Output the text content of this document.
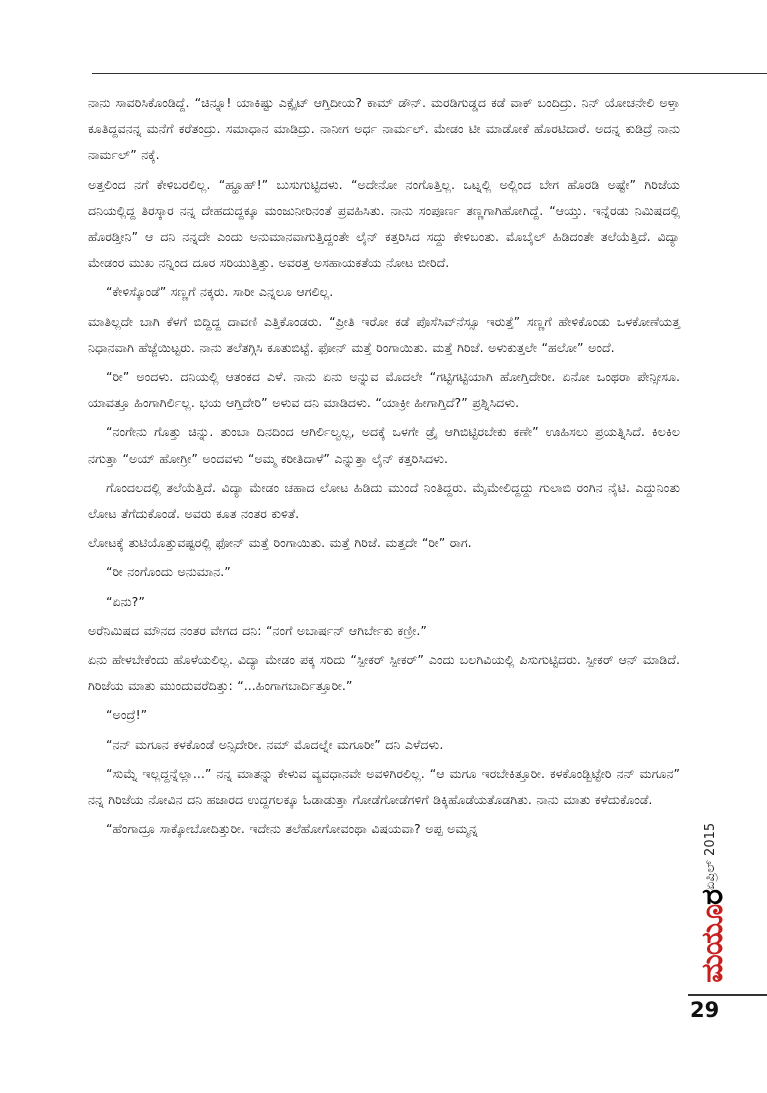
ನಾನು ಸಾವರಿಸಿಕೊಂಡಿದ್ದೆ. “ಚಿನ್ನೂ! ಯಾಕಿಷ್ಟು ಎಕ್ಸೈಟ್ ಆಗ್ತಿದೀಯ? ಕಾಮ್ ಡೌನ್. ಮರಡಿಗುಡ್ಡದ ಕಡೆ ವಾಕ್ ಬಂದಿದ್ರು. ನಿನ್ ಯೋಚನೇಲಿ ಅಳ್ತಾ ಕೂತಿದ್ದವನನ್ನ ಮನೆಗೆ ಕರೆತಂದ್ರು. ಸಮಾಧಾನ ಮಾಡಿದ್ರು. ನಾನೀಗ ಅರ್ಧ ನಾರ್ಮಲ್. ಮೇಡಂ ಟೀ ಮಾಡೋಕೆ ಹೊರಟಿದಾರೆ. ಅದನ್ನ ಕುಡಿದ್ರೆ ನಾನು ನಾರ್ಮಲ್” ನಕ್ಕೆ.

ಅತ್ತಲಿಂದ ನಗೆ ಕೇಳಿಬರಲಿಲ್ಲ. “ಹ್ಹೂಹ್!” ಬುಸುಗುಟ್ಟಿದಳು. “ಅದೇನೋ ನಂಗೊತ್ತಿಲ್ಲ. ಒಟ್ನಲ್ಲಿ ಅಲ್ಲಿಂದ ಬೇಗ ಹೊರಡಿ ಅಷ್ಟೇ” ಗಿರಿಜೆಯ ದನಿಯಲ್ಲಿದ್ದ ತಿರಸ್ಕಾರ ನನ್ನ ದೇಹದುದ್ದಕ್ಕೂ ಮಂಜುನೀರಿನಂತೆ ಪ್ರವಹಿಸಿತು. ನಾನು ಸಂಪೂರ್ಣ ತಣ್ಣಗಾಗಿಹೋಗಿದ್ದೆ. “ಆಯ್ತು. ಇನ್ನೆರಡು ನಿಮಿಷದಲ್ಲಿ ಹೊರಡ್ತೀನಿ” ಆ ದನಿ ನನ್ನದೇ ಎಂದು ಅನುಮಾನವಾಗುತ್ತಿದ್ದಂತೇ ಲೈನ್ ಕತ್ತರಿಸಿದ ಸದ್ದು ಕೇಳಿಬಂತು. ಮೊಬೈಲ್ ಹಿಡಿದಂತೇ ತಲೆಯೆತ್ತಿದೆ. ವಿದ್ಯಾ ಮೇಡಂರ ಮುಖ ನನ್ನಿಂದ ದೂರ ಸರಿಯುತ್ತಿತ್ತು. ಅವರತ್ತ ಅಸಹಾಯಕತೆಯ ನೋಟ ಬೀರಿದೆ.

“ಕೇಳಿಸ್ಕೊಂಡೆ” ಸಣ್ಣಗೆ ನಕ್ಕರು. ಸಾರೀ ಎನ್ನಲೂ ಆಗಲಿಲ್ಲ.

ಮಾತಿಲ್ಲದೇ ಬಾಗಿ ಕೆಳಗೆ ಬಿದ್ದಿದ್ದ ದಾವಣಿ ಎತ್ತಿಕೊಂಡರು. “ಪ್ರೀತಿ ಇರೋ ಕಡೆ ಪೊಸೆಸಿವ್‌ನೆಸ್ಸೂ ಇರುತ್ತೆ” ಸಣ್ಣಗೆ ಹೇಳಿಕೊಂಡು ಒಳಕೋಣೆಯತ್ತ ನಿಧಾನವಾಗಿ ಹೆಜ್ಜೆಯಿಟ್ಟರು. ನಾನು ತಲೆತಗ್ಗಿಸಿ ಕೂತುಬಿಟ್ಟೆ. ಫೋನ್ ಮತ್ತೆ ರಿಂಗಾಯಿತು. ಮತ್ತೆ ಗಿರಿಜೆ. ಅಳುಕುತ್ತಲೇ “ಹಲೋ” ಅಂದೆ.

“ರೀ” ಅಂದಳು. ದನಿಯಲ್ಲಿ ಆತಂಕದ ಎಳೆ. ನಾನು ಏನು ಅನ್ನುವ ಮೊದಲೇ “ಗಟ್ಟಿಗಟ್ಟಿಯಾಗಿ ಹೋಗ್ತಿದೇರೀ. ಏನೋ ಒಂಥರಾ ಪೇನ್ಸೀಸೂ. ಯಾವತ್ತೂ ಹಿಂಗಾಗಿರ್ಲಿಲ್ಲ. ಭಯ ಆಗ್ತಿದೇರಿ” ಅಳುವ ದನಿ ಮಾಡಿದಳು. “ಯಾಕ್ರೀ ಹೀಗಾಗ್ತಿದೆ?” ಪ್ರಶ್ನಿಸಿದಳು.

“ನಂಗೇನು ಗೊತ್ತು ಚಿನ್ನು. ತುಂಬಾ ದಿನದಿಂದ ಆಗಿರ್ಲಿಲ್ವಲ್ಲ, ಅದಕ್ಕೆ ಒಳಗೇ ಡ್ರೈ ಆಗಿಬಿಟ್ಟಿರಬೇಕು ಕಣೇ” ಊಹಿಸಲು ಪ್ರಯತ್ನಿಸಿದೆ. ಕಿಲಕಿಲ ನಗುತ್ತಾ “ಅಯ್ ಹೋಗ್ರೀ” ಅಂದವಳು “ಅಮ್ಮ ಕರೀತಿದಾಳೆ” ಎನ್ನುತ್ತಾ ಲೈನ್ ಕತ್ತರಿಸಿದಳು.

ಗೊಂದಲದಲ್ಲಿ ತಲೆಯೆತ್ತಿದೆ. ವಿದ್ಯಾ ಮೇಡಂ ಚಹಾದ ಲೋಟ ಹಿಡಿದು ಮುಂದೆ ನಿಂತಿದ್ದರು. ಮೈಮೇಲಿದ್ದದ್ದು ಗುಲಾಬಿ ರಂಗಿನ ನೈಟಿ. ಎದ್ದುನಿಂತು ಲೋಟ ತೆಗೆದುಕೊಂಡೆ. ಅವರು ಕೂತ ನಂತರ ಕುಳಿತೆ.

ಲೋಟಕ್ಕೆ ತುಟಿಯೊತ್ತುವಷ್ಟರಲ್ಲಿ ಫೋನ್ ಮತ್ತೆ ರಿಂಗಾಯಿತು. ಮತ್ತೆ ಗಿರಿಜೆ. ಮತ್ತದೇ “ರೀ” ರಾಗ.

“ರೀ ನಂಗೊಂದು ಅನುಮಾನ.”

“ಏನು?”

ಅರೆನಿಮಿಷದ ಮೌನದ ನಂತರ ವೇಗದ ದನಿ: “ನಂಗೆ ಅಬಾರ್ಷನ್ ಆಗಿರ್ಬೇಕು ಕಣ್ರೀ.”

ಏನು ಹೇಳಬೇಕೆಂದು ಹೊಳೆಯಲಿಲ್ಲ. ವಿದ್ಯಾ ಮೇಡಂ ಪಕ್ಕ ಸರಿದು “ಸ್ಪೀಕರ್ ಸ್ಪೀಕರ್” ಎಂದು ಬಲಗಿವಿಯಲ್ಲಿ ಪಿಸುಗುಟ್ಟಿದರು. ಸ್ಪೀಕರ್ ಆನ್ ಮಾಡಿದೆ. ಗಿರಿಜೆಯ ಮಾತು ಮುಂದುವರೆದಿತ್ತು: “...ಹಿಂಗಾಗಬಾರ್ದಿತ್ತೂರೀ.”

“ಅಂದ್ರೆ!”

“ನನ್ ಮಗೂನ ಕಳಕೊಂಡೆ ಅನ್ಸಿದೇರೀ. ನಮ್ ಮೊದಲ್ನೇ ಮಗೂರೀ” ದನಿ ಎಳೆದಳು.

“ಸುಮ್ನೆ ಇಲ್ಲದ್ದನ್ನೆಲ್ಲಾ...” ನನ್ನ ಮಾತನ್ನು ಕೇಳುವ ವ್ಯವಧಾನವೇ ಅವಳಿಗಿರಲಿಲ್ಲ. “ಆ ಮಗೂ ಇರಬೇಕಿತ್ತೂರೀ. ಕಳಕೊಂಡ್ಬಿಟ್ಟೇರಿ ನನ್ ಮಗೂನ” ನನ್ನ ಗಿರಿಜೆಯ ನೋವಿನ ದನಿ ಹಜಾರದ ಉದ್ದಗಲಕ್ಕೂ ಓಡಾಡುತ್ತಾ ಗೋಡೆಗೋಡೆಗಳಿಗೆ ಡಿಕ್ಕಿಹೊಡೆಯತೊಡಗಿತು. ನಾನು ಮಾತು ಕಳೆದುಕೊಂಡೆ.

“ಹೆಂಗಾದ್ರೂ ಸಾಕ್ಕೋಬೋದಿತ್ತುರೀ. ಇದೇನು ತಲೆಹೋಗೋವಂಥಾ ವಿಷಯವಾ? ಅಪ್ಪ ಅಮ್ಮನ್ನ	ಏಪ್ರಿಲ್ 2015
ಮಯೂರ
29
